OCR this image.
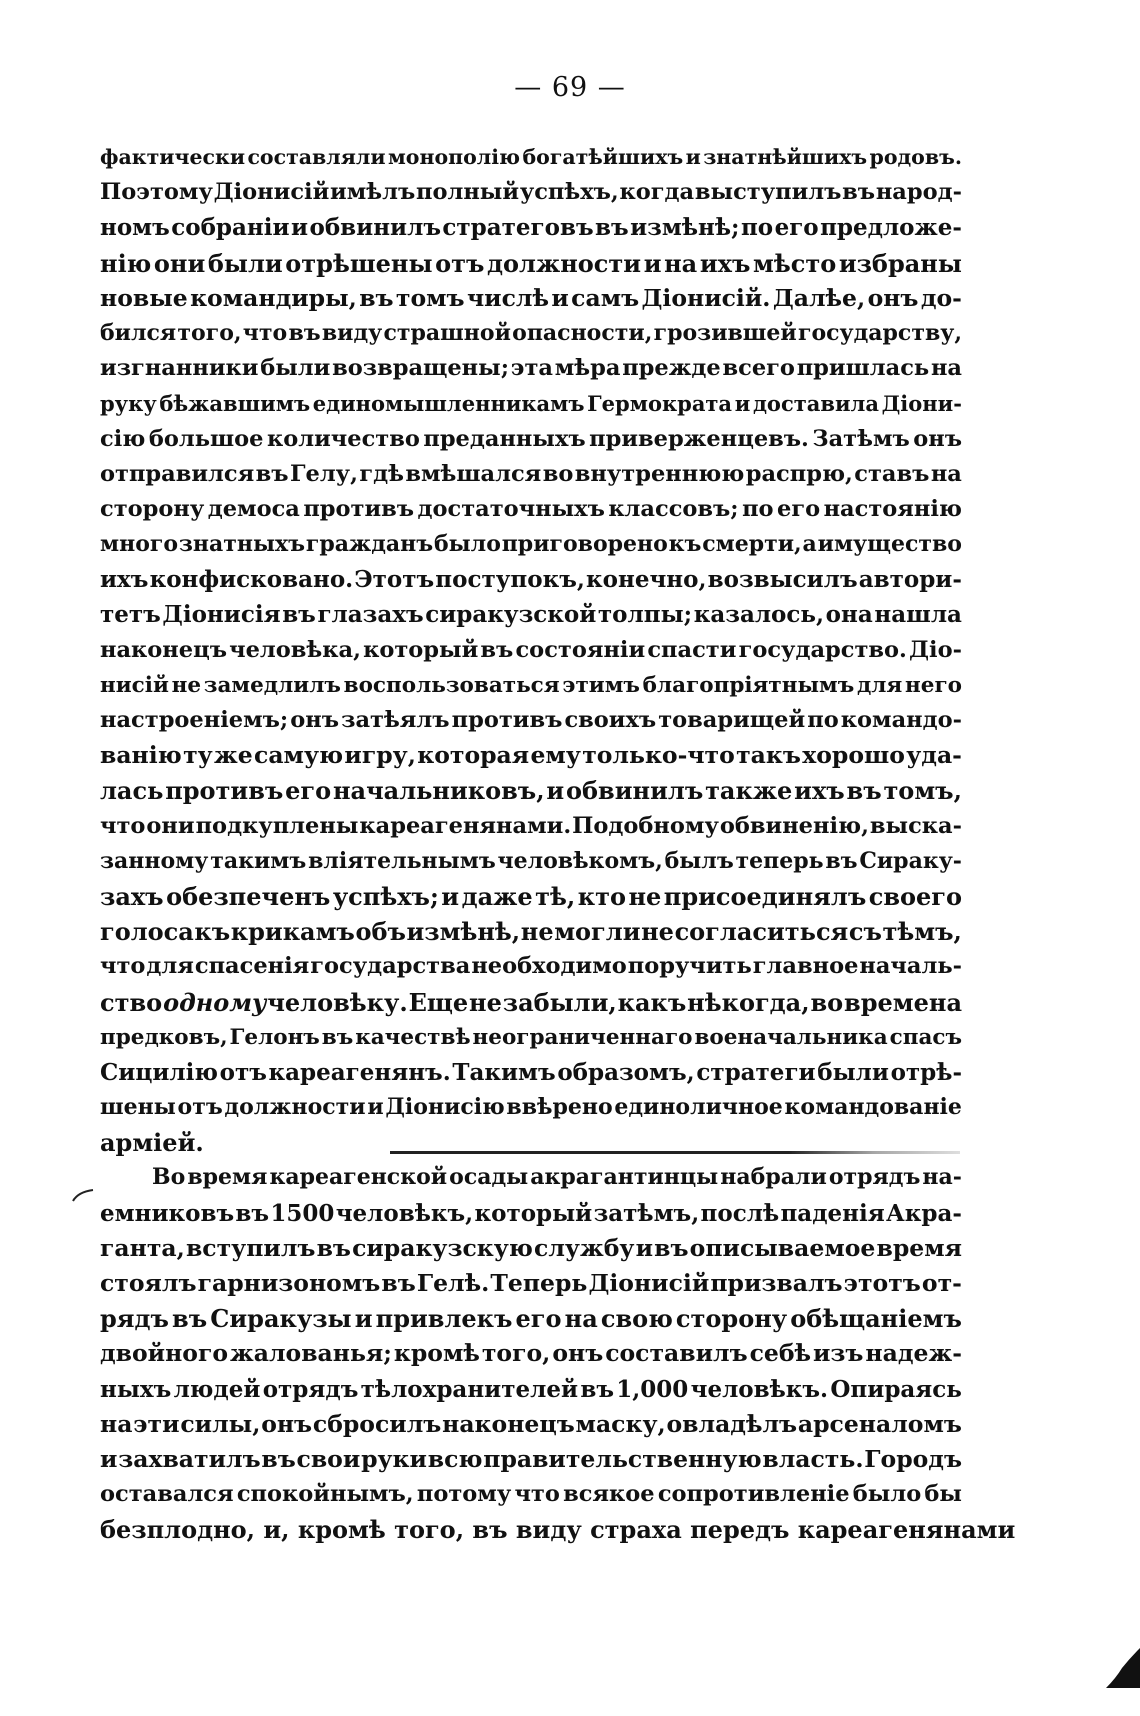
— 69 —
фактически составляли монополію богатѣйшихъ и знатнѣйшихъ родовъ.
Поэтому Діонисій имѣлъ полный успѣхъ, когда выступилъ въ народ-
номъ собраніи и обвинилъ стратеговъ въ измѣнѣ; по его предложе-
нію они были отрѣшены отъ должности и на ихъ мѣсто избраны
новые командиры, въ томъ числѣ и самъ Діонисій. Далѣе, онъ до-
бился того, что въ виду страшной опасности, грозившей государству,
изгнанники были возвращены; эта мѣра прежде всего пришлась на
руку бѣжавшимъ единомышленникамъ Гермократа и доставила Діони-
сію большое количество преданныхъ приверженцевъ. Затѣмъ онъ
отправился въ Гелу, гдѣ вмѣшался во внутреннюю распрю, ставъ на
сторону демоса противъ достаточныхъ классовъ; по его настоянію
много знатныхъ гражданъ было приговорено къ смерти, а имущество
ихъ конфисковано. Этотъ поступокъ, конечно, возвысилъ автори-
тетъ Діонисія въ глазахъ сиракузской толпы; казалось, она нашла
наконецъ человѣка, который въ состояніи спасти государство. Діо-
нисій не замедлилъ воспользоваться этимъ благопріятнымъ для него
настроеніемъ; онъ затѣялъ противъ своихъ товарищей по командо-
ванію ту же самую игру, которая ему только-что такъ хорошо уда-
лась противъ его начальниковъ, и обвинилъ также ихъ въ томъ,
что они подкуплены кареагенянами. Подобному обвиненію, выска-
занному такимъ вліятельнымъ человѣкомъ, былъ теперь въ Сираку-
захъ обезпеченъ успѣхъ; и даже тѣ, кто не присоединялъ своего
голоса къ крикамъ объ измѣнѣ, не могли не согласиться съ тѣмъ,
что для спасенія государства необходимо поручить главное началь-
ство одному человѣку. Еще не забыли, какъ нѣкогда, во времена
предковъ, Гелонъ въ качествѣ неограниченнаго военачальника спасъ
Сицилію отъ кареагенянъ. Такимъ образомъ, стратеги были отрѣ-
шены отъ должности и Діонисію ввѣрено единоличное командованіе
арміей.
Во время кареагенской осады акрагантинцы набрали отрядъ на-
емниковъ въ 1500 человѣкъ, который затѣмъ, послѣ паденія Акра-
ганта, вступилъ въ сиракузскую службу и въ описываемое время
стоялъ гарнизономъ въ Гелѣ. Теперь Діонисій призвалъ этотъ от-
рядъ въ Сиракузы и привлекъ его на свою сторону обѣщаніемъ
двойного жалованья; кромѣ того, онъ составилъ себѣ изъ надеж-
ныхъ людей отрядъ тѣлохранителей въ 1,000 человѣкъ. Опираясь
на эти силы, онъ сбросилъ наконецъ маску, овладѣлъ арсеналомъ
и захватилъ въ свои руки всю правительственную власть. Городъ
оставался спокойнымъ, потому что всякое сопротивленіе было бы
безплодно,
и,
кромѣ
того,
въ
виду
страха
передъ
кареагенянами
